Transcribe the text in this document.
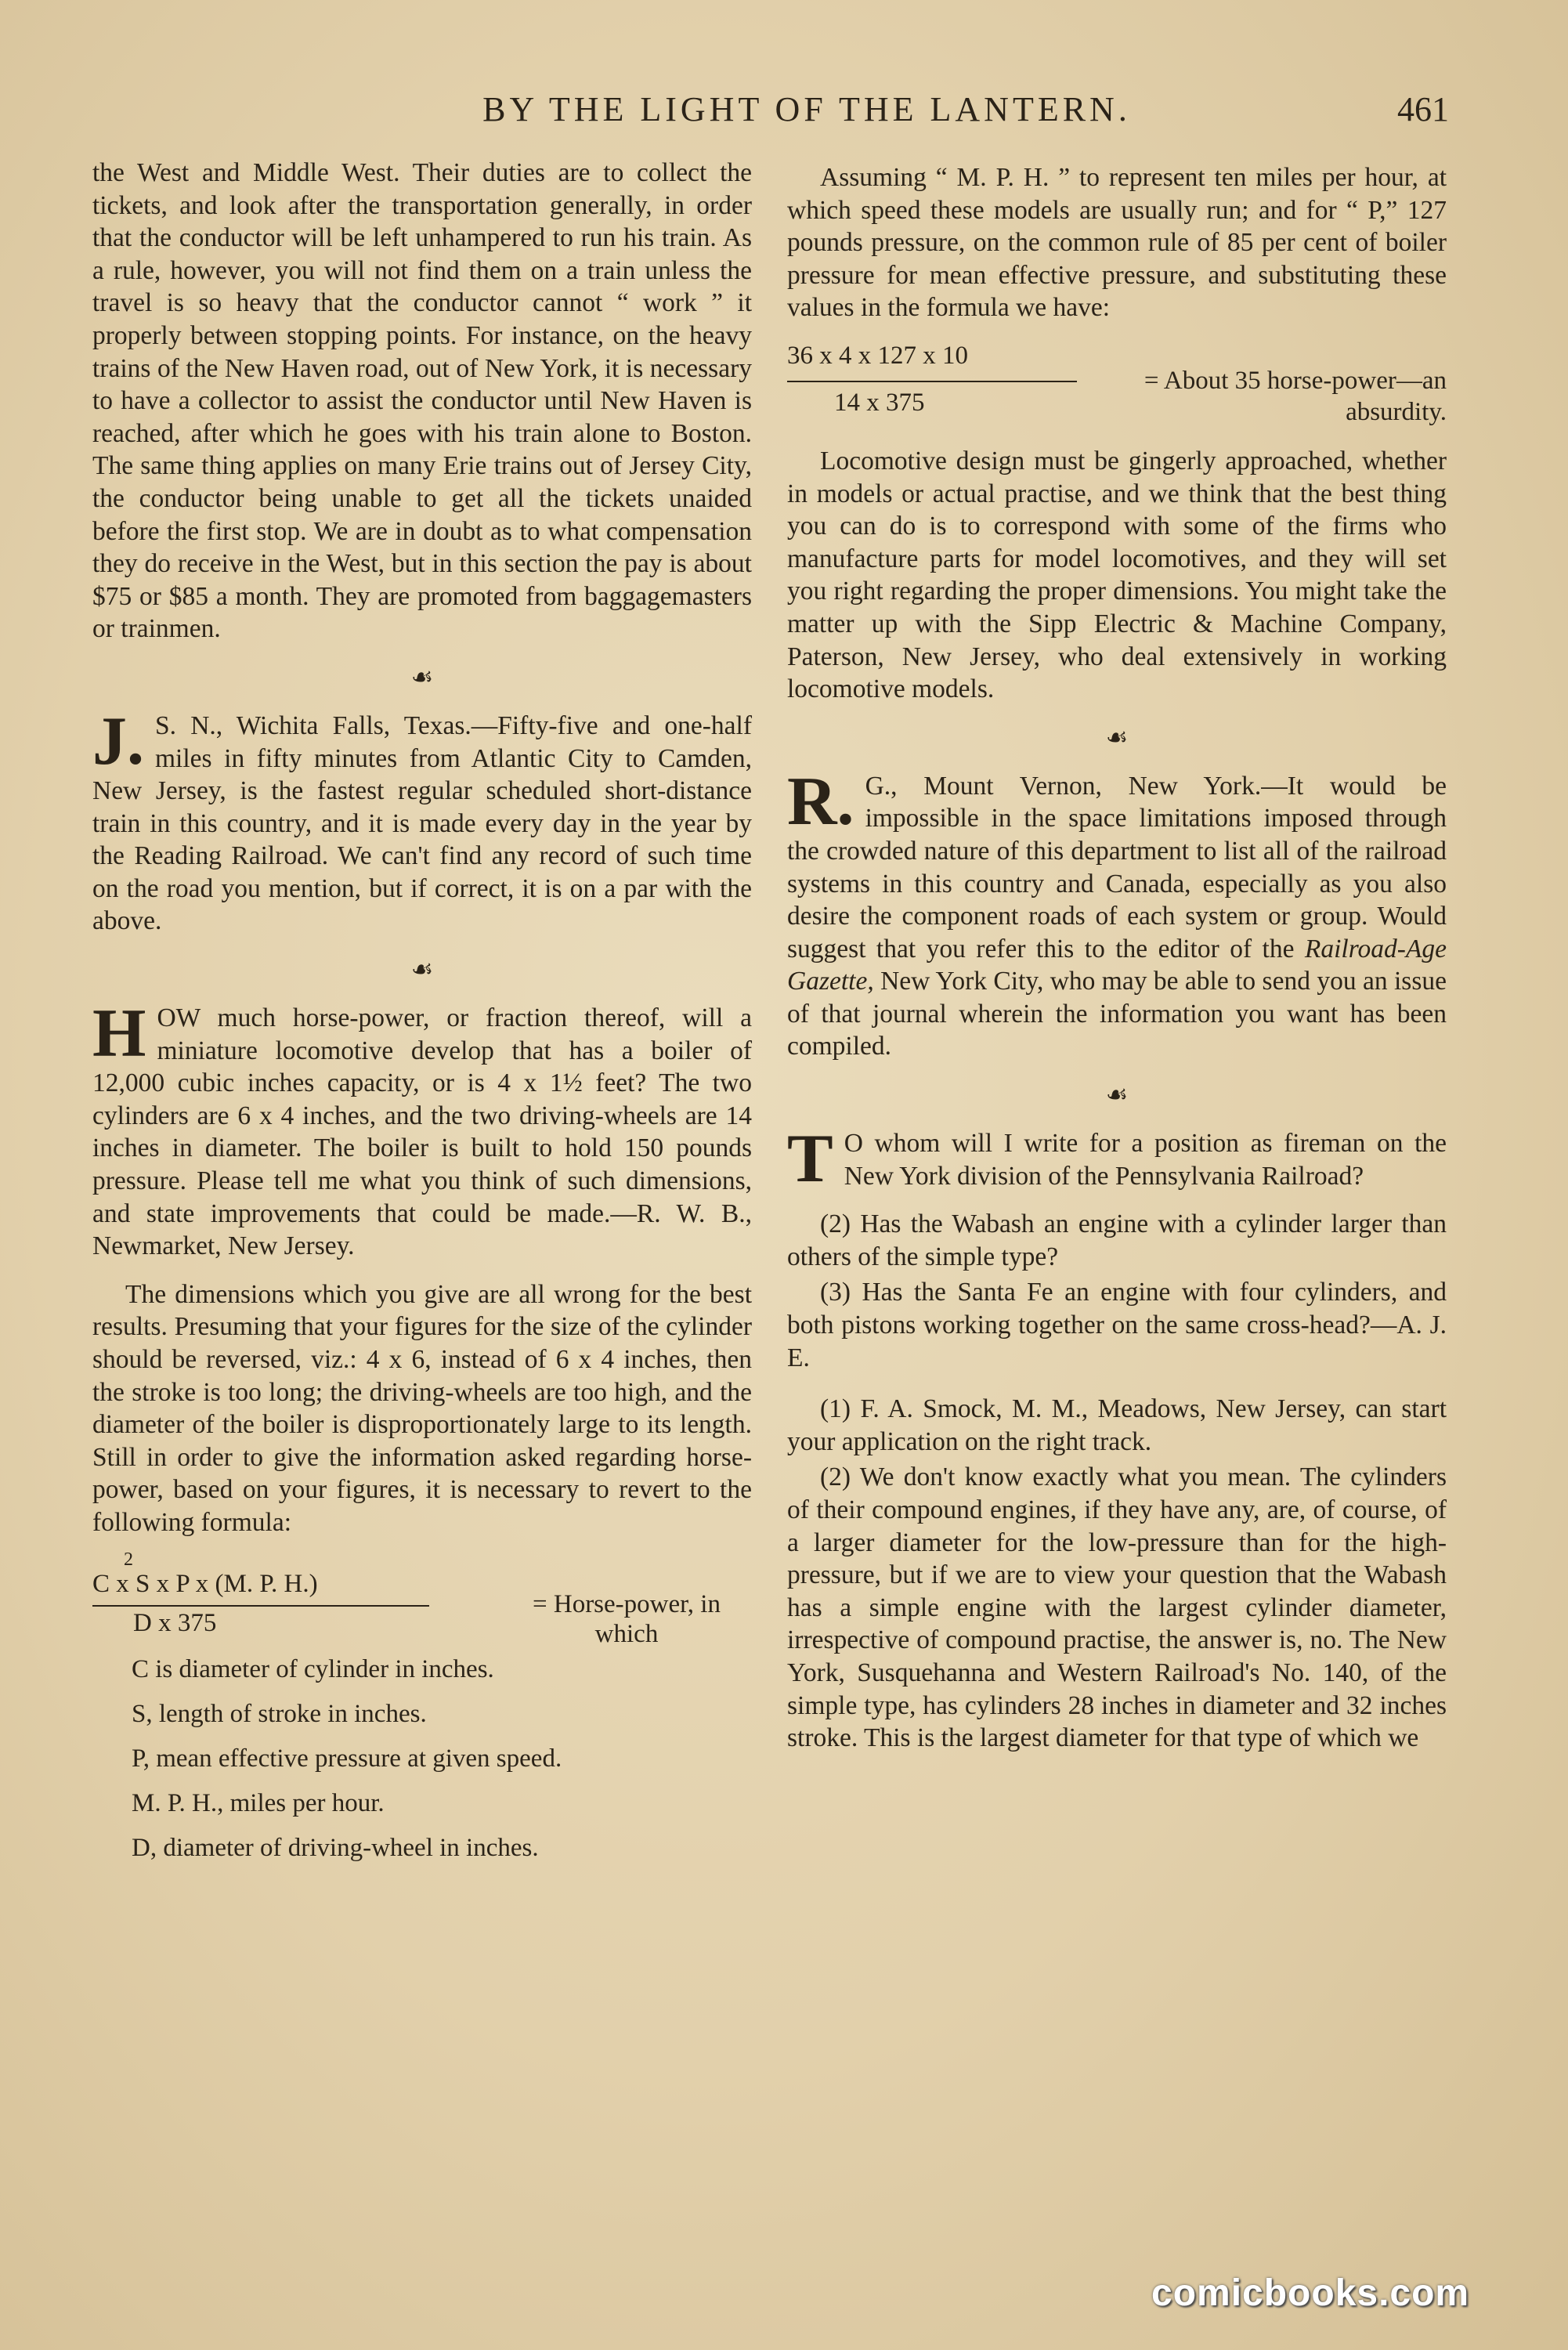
BY THE LIGHT OF THE LANTERN.	461

the West and Middle West. Their duties are to collect the tickets, and look after the transportation generally, in order that the conductor will be left unhampered to run his train. As a rule, however, you will not find them on a train unless the travel is so heavy that the conductor cannot “ work ” it properly between stopping points. For instance, on the heavy trains of the New Haven road, out of New York, it is necessary to have a collector to assist the conductor until New Haven is reached, after which he goes with his train alone to Boston. The same thing applies on many Erie trains out of Jersey City, the conductor being unable to get all the tickets unaided before the first stop. We are in doubt as to what compensation they do receive in the West, but in this section the pay is about $75 or $85 a month. They are promoted from baggagemasters or trainmen.

☙

J. S. N., Wichita Falls, Texas.—Fifty-five and one-half miles in fifty minutes from Atlantic City to Camden, New Jersey, is the fastest regular scheduled short-distance train in this country, and it is made every day in the year by the Reading Railroad. We can't find any record of such time on the road you mention, but if correct, it is on a par with the above.

☙

HOW much horse-power, or fraction thereof, will a miniature locomotive develop that has a boiler of 12,000 cubic inches capacity, or is 4 x 1½ feet? The two cylinders are 6 x 4 inches, and the two driving-wheels are 14 inches in diameter. The boiler is built to hold 150 pounds pressure. Please tell me what you think of such dimensions, and state improvements that could be made.—R. W. B., Newmarket, New Jersey.

The dimensions which you give are all wrong for the best results. Presuming that your figures for the size of the cylinder should be reversed, viz.: 4 x 6, instead of 6 x 4 inches, then the stroke is too long; the driving-wheels are too high, and the diameter of the boiler is disproportionately large to its length. Still in order to give the information asked regarding horse-power, based on your figures, it is necessary to revert to the following formula:

2
C x S x P x (M. P. H.)
D x 375
= Horse-power, in which

C is diameter of cylinder in inches.

S, length of stroke in inches.

P, mean effective pressure at given speed.

M. P. H., miles per hour.

D, diameter of driving-wheel in inches.

Assuming “ M. P. H. ” to represent ten miles per hour, at which speed these models are usually run; and for “ P,” 127 pounds pressure, on the common rule of 85 per cent of boiler pressure for mean effective pressure, and substituting these values in the formula we have:

36 x 4 x 127 x 10
14 x 375
= About 35 horse-power—an absurdity.

Locomotive design must be gingerly approached, whether in models or actual practise, and we think that the best thing you can do is to correspond with some of the firms who manufacture parts for model locomotives, and they will set you right regarding the proper dimensions. You might take the matter up with the Sipp Electric & Machine Company, Paterson, New Jersey, who deal extensively in working locomotive models.

☙

R. G., Mount Vernon, New York.—It would be impossible in the space limitations imposed through the crowded nature of this department to list all of the railroad systems in this country and Canada, especially as you also desire the component roads of each system or group. Would suggest that you refer this to the editor of the Railroad-Age Gazette, New York City, who may be able to send you an issue of that journal wherein the information you want has been compiled.

☙

T O whom will I write for a position as fireman on the New York division of the Pennsylvania Railroad?

(2) Has the Wabash an engine with a cylinder larger than others of the simple type?

(3) Has the Santa Fe an engine with four cylinders, and both pistons working together on the same cross-head?—A. J. E.

(1) F. A. Smock, M. M., Meadows, New Jersey, can start your application on the right track.

(2) We don't know exactly what you mean. The cylinders of their compound engines, if they have any, are, of course, of a larger diameter for the low-pressure than for the high-pressure, but if we are to view your question that the Wabash has a simple engine with the largest cylinder diameter, irrespective of compound practise, the answer is, no. The New York, Susquehanna and Western Railroad's No. 140, of the simple type, has cylinders 28 inches in diameter and 32 inches stroke. This is the largest diameter for that type of which we

comicbooks.com
